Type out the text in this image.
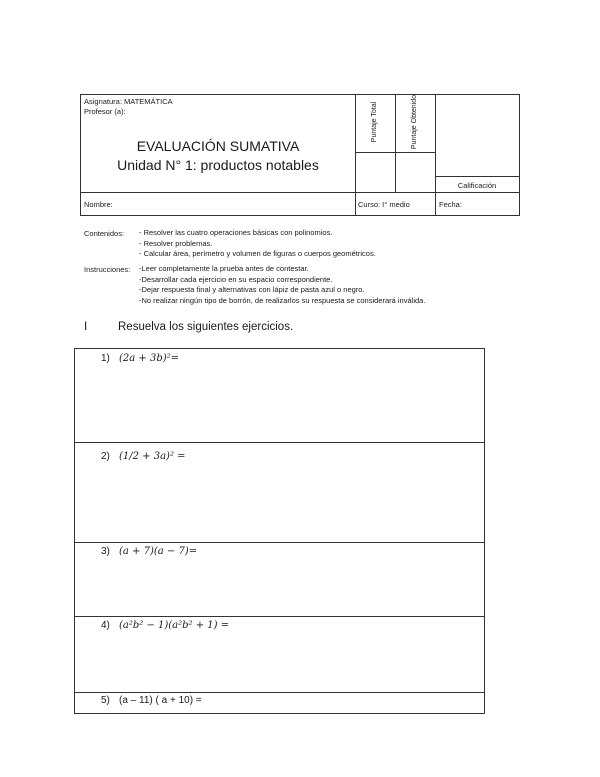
Asignatura: MATEMÁTICA
Profesor (a):
EVALUACIÓN SUMATIVA
Unidad N° 1: productos notables
Puntaje Total	Puntaje Obtenido
Calificación
Nombre:	Curso: I° medio	Fecha:
Contenidos:	- Resolver las cuatro operaciones básicas con polinomios.
- Resolver problemas.
- Calcular área, perímetro y volumen de figuras o cuerpos geométricos.
Instrucciones:	-Leer completamente la prueba antes de contestar.
-Desarrollar cada ejercicio en su espacio correspondiente.
-Dejar respuesta final y alternativas con lápiz de pasta azul o negro.
-No realizar ningún tipo de borrón, de realizarlos su respuesta se considerará inválida.
I	Resuelva los siguientes ejercicios.
1) (2a + 3b)²=
2) (1/2 + 3a)² =
3) (a + 7)(a − 7)=
4) (a²b² − 1)(a²b² + 1) =
5) (a – 11) ( a + 10) =
